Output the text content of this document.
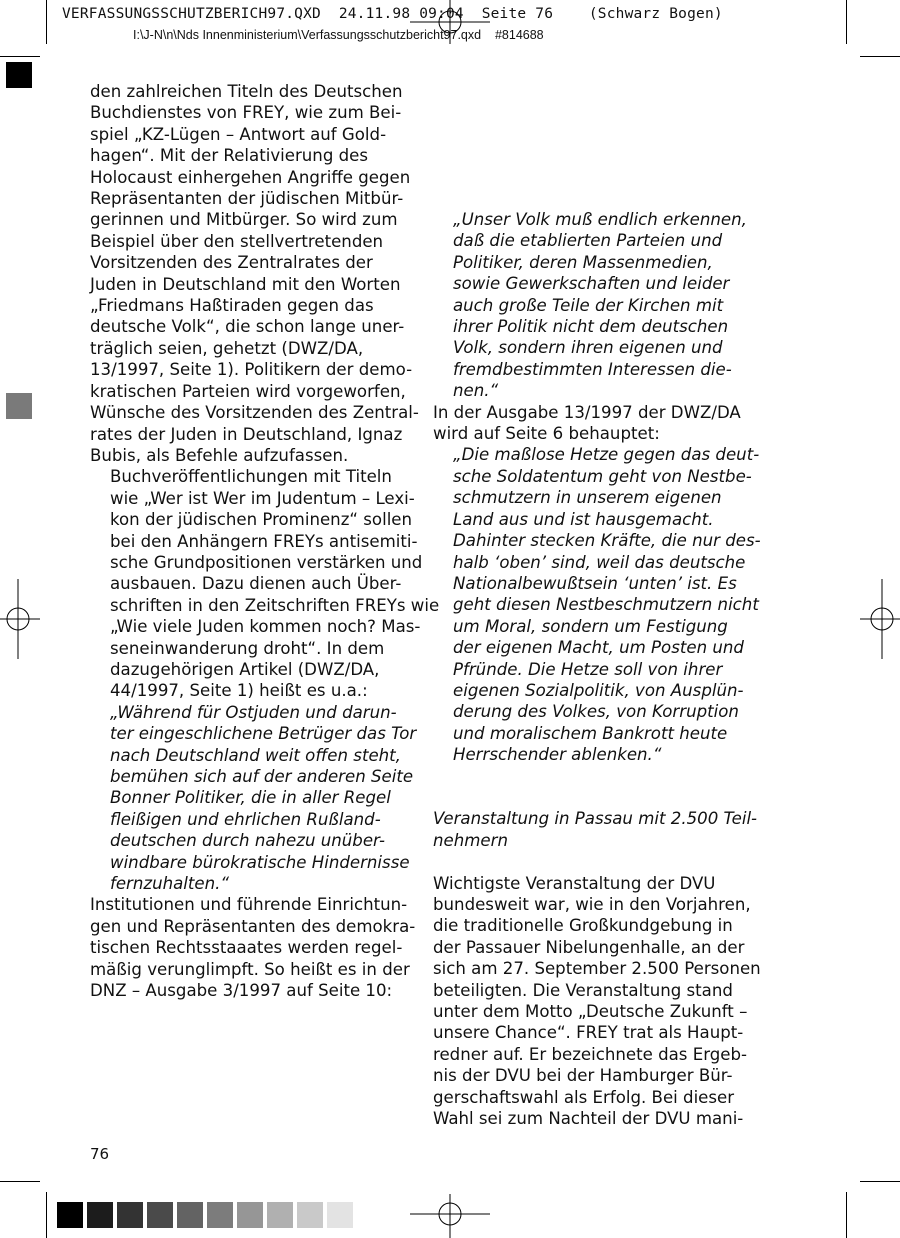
VERFASSUNGSSCHUTZBERICH97.QXD  24.11.98 09:04  Seite 76    (Schwarz Bogen)
I:\J-N\n\Nds Innenministerium\Verfassungsschutzbericht97.qxd    #814688

den zahlreichen Titeln des Deutschen
Buchdienstes von FREY, wie zum Bei-
spiel „KZ-Lügen – Antwort auf Gold-
hagen“. Mit der Relativierung des
Holocaust einhergehen Angriffe gegen
Repräsentanten der jüdischen Mitbür-
gerinnen und Mitbürger. So wird zum
Beispiel über den stellvertretenden
Vorsitzenden des Zentralrates der
Juden in Deutschland mit den Worten
„Friedmans Haßtiraden gegen das
deutsche Volk“, die schon lange uner-
träglich seien, gehetzt (DWZ/DA,
13/1997, Seite 1). Politikern der demo-
kratischen Parteien wird vorgeworfen,
Wünsche des Vorsitzenden des Zentral-
rates der Juden in Deutschland, Ignaz
Bubis, als Befehle aufzufassen.

Buchveröffentlichungen mit Titeln
wie „Wer ist Wer im Judentum – Lexi-
kon der jüdischen Prominenz“ sollen
bei den Anhängern FREYs antisemiti-
sche Grundpositionen verstärken und
ausbauen. Dazu dienen auch Über-
schriften in den Zeitschriften FREYs wie
„Wie viele Juden kommen noch? Mas-
seneinwanderung droht“. In dem
dazugehörigen Artikel (DWZ/DA,
44/1997, Seite 1) heißt es u.a.:

„Während für Ostjuden und darun-
ter eingeschlichene Betrüger das Tor
nach Deutschland weit offen steht,
bemühen sich auf der anderen Seite
Bonner Politiker, die in aller Regel
fleißigen und ehrlichen Rußland-
deutschen durch nahezu unüber-
windbare bürokratische Hindernisse
fernzuhalten.“

Institutionen und führende Einrichtun-
gen und Repräsentanten des demokra-
tischen Rechtsstaaates werden regel-
mäßig verunglimpft. So heißt es in der
DNZ – Ausgabe 3/1997 auf Seite 10:

„Unser Volk muß endlich erkennen,
daß die etablierten Parteien und
Politiker, deren Massenmedien,
sowie Gewerkschaften und leider
auch große Teile der Kirchen mit
ihrer Politik nicht dem deutschen
Volk, sondern ihren eigenen und
fremdbestimmten Interessen die-
nen.“

In der Ausgabe 13/1997 der DWZ/DA
wird auf Seite 6 behauptet:

„Die maßlose Hetze gegen das deut-
sche Soldatentum geht von Nestbe-
schmutzern in unserem eigenen
Land aus und ist hausgemacht.
Dahinter stecken Kräfte, die nur des-
halb ‘oben’ sind, weil das deutsche
Nationalbewußtsein ‘unten’ ist. Es
geht diesen Nestbeschmutzern nicht
um Moral, sondern um Festigung
der eigenen Macht, um Posten und
Pfründe. Die Hetze soll von ihrer
eigenen Sozialpolitik, von Ausplün-
derung des Volkes, von Korruption
und moralischem Bankrott heute
Herrschender ablenken.“

Veranstaltung in Passau mit 2.500 Teil-
nehmern

Wichtigste Veranstaltung der DVU
bundesweit war, wie in den Vorjahren,
die traditionelle Großkundgebung in
der Passauer Nibelungenhalle, an der
sich am 27. September 2.500 Personen
beteiligten. Die Veranstaltung stand
unter dem Motto „Deutsche Zukunft –
unsere Chance“. FREY trat als Haupt-
redner auf. Er bezeichnete das Ergeb-
nis der DVU bei der Hamburger Bür-
gerschaftswahl als Erfolg. Bei dieser
Wahl sei zum Nachteil der DVU mani-

76
